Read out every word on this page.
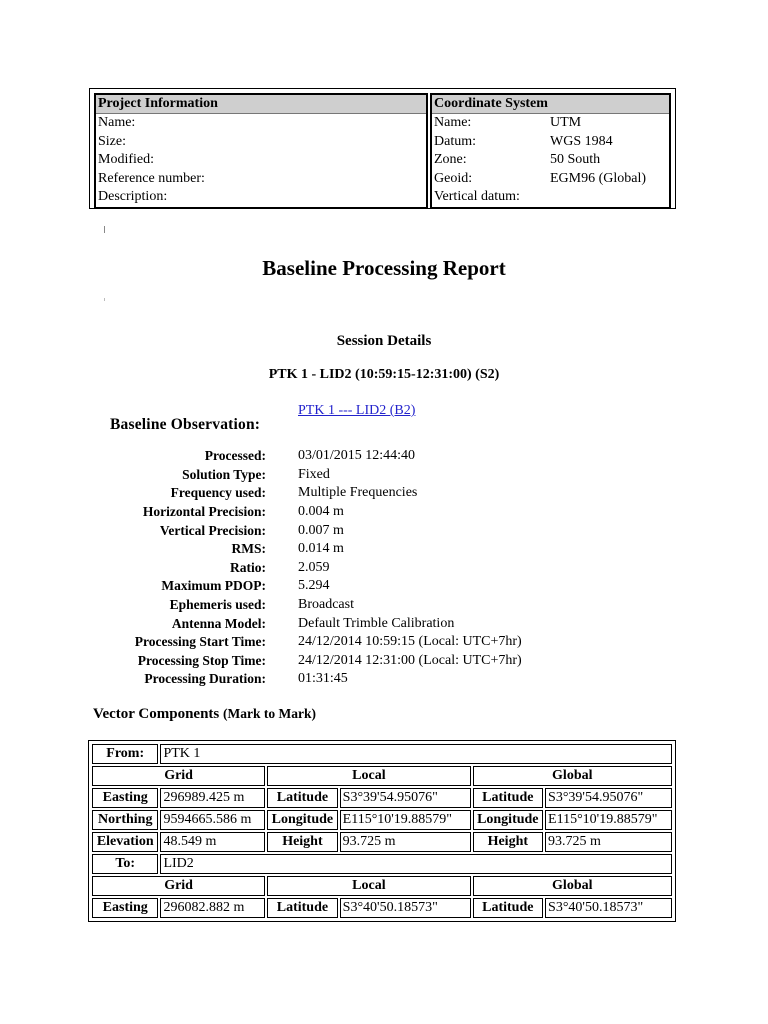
Project Information
Name:
Size:
Modified:
Reference number:
Description:

Coordinate System
Name:	UTM
Datum:	WGS 1984
Zone:	50 South
Geoid:	EGM96 (Global)
Vertical datum:
Baseline Processing Report
Session Details
PTK 1 - LID2 (10:59:15-12:31:00) (S2)
Baseline Observation:
PTK 1 --- LID2 (B2)
Processed:	03/01/2015 12:44:40
Solution Type:	Fixed
Frequency used:	Multiple Frequencies
Horizontal Precision:	0.004 m
Vertical Precision:	0.007 m
RMS:	0.014 m
Ratio:	2.059
Maximum PDOP:	5.294
Ephemeris used:	Broadcast
Antenna Model:	Default Trimble Calibration
Processing Start Time:	24/12/2014 10:59:15 (Local: UTC+7hr)
Processing Stop Time:	24/12/2014 12:31:00 (Local: UTC+7hr)
Processing Duration:	01:31:45
Vector Components (Mark to Mark)
From:	PTK 1				
Grid		Local		Global	
Easting	296989.425 m	Latitude	S3°39'54.95076"	Latitude	S3°39'54.95076"
Northing	9594665.586 m	Longitude	E115°10'19.88579"	Longitude	E115°10'19.88579"
Elevation	48.549 m	Height	93.725 m	Height	93.725 m
To:	LID2				
Grid		Local		Global	
Easting	296082.882 m	Latitude	S3°40'50.18573"	Latitude	S3°40'50.18573"
